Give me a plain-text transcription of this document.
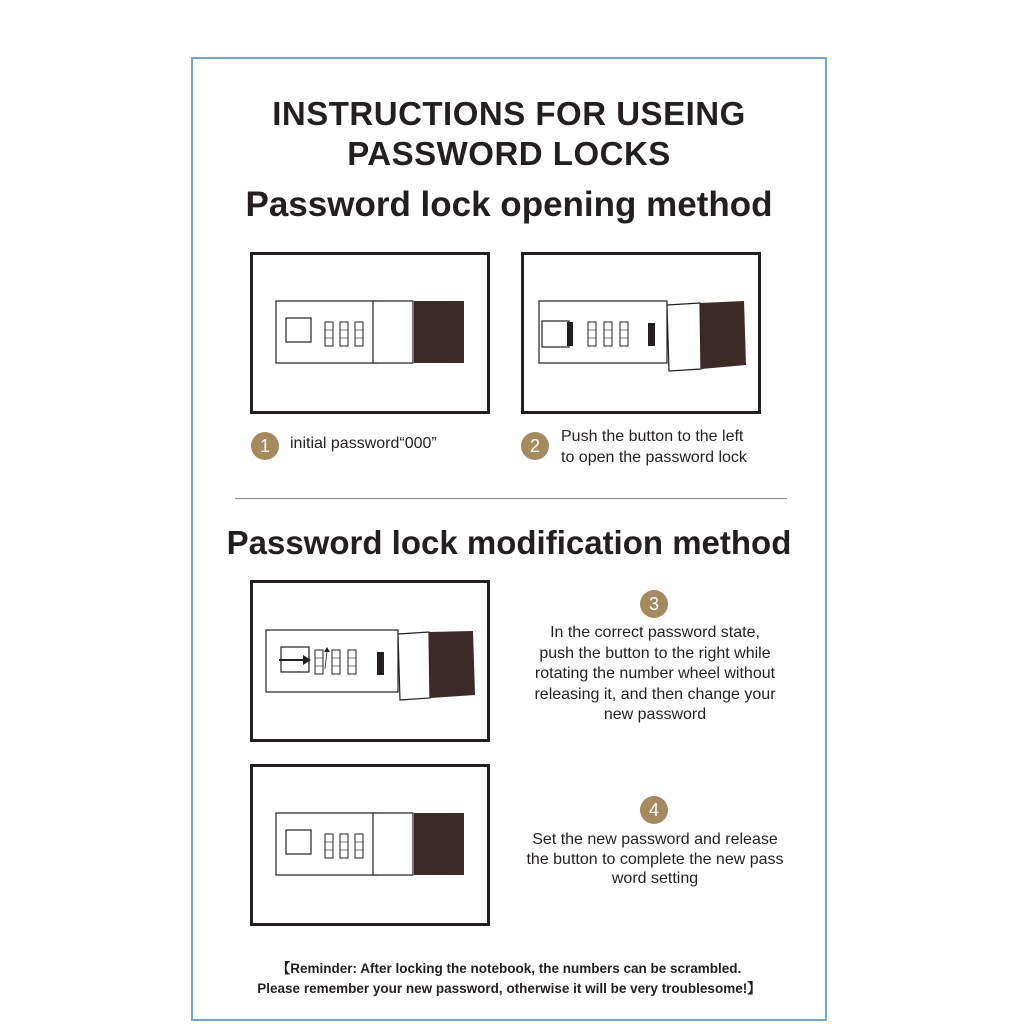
INSTRUCTIONS FOR USEING
PASSWORD LOCKS
Password lock opening method
1	initial password“000”	2	Push the button to the left
to open the password lock
Password lock modification method
3
In the correct password state,
push the button to the right while
rotating the number wheel without
releasing it, and then change your
new password
4
Set the new password and release
the button to complete the new pass
word setting
【Reminder: After locking the notebook, the numbers can be scrambled.
Please remember your new password, otherwise it will be very troublesome!】
